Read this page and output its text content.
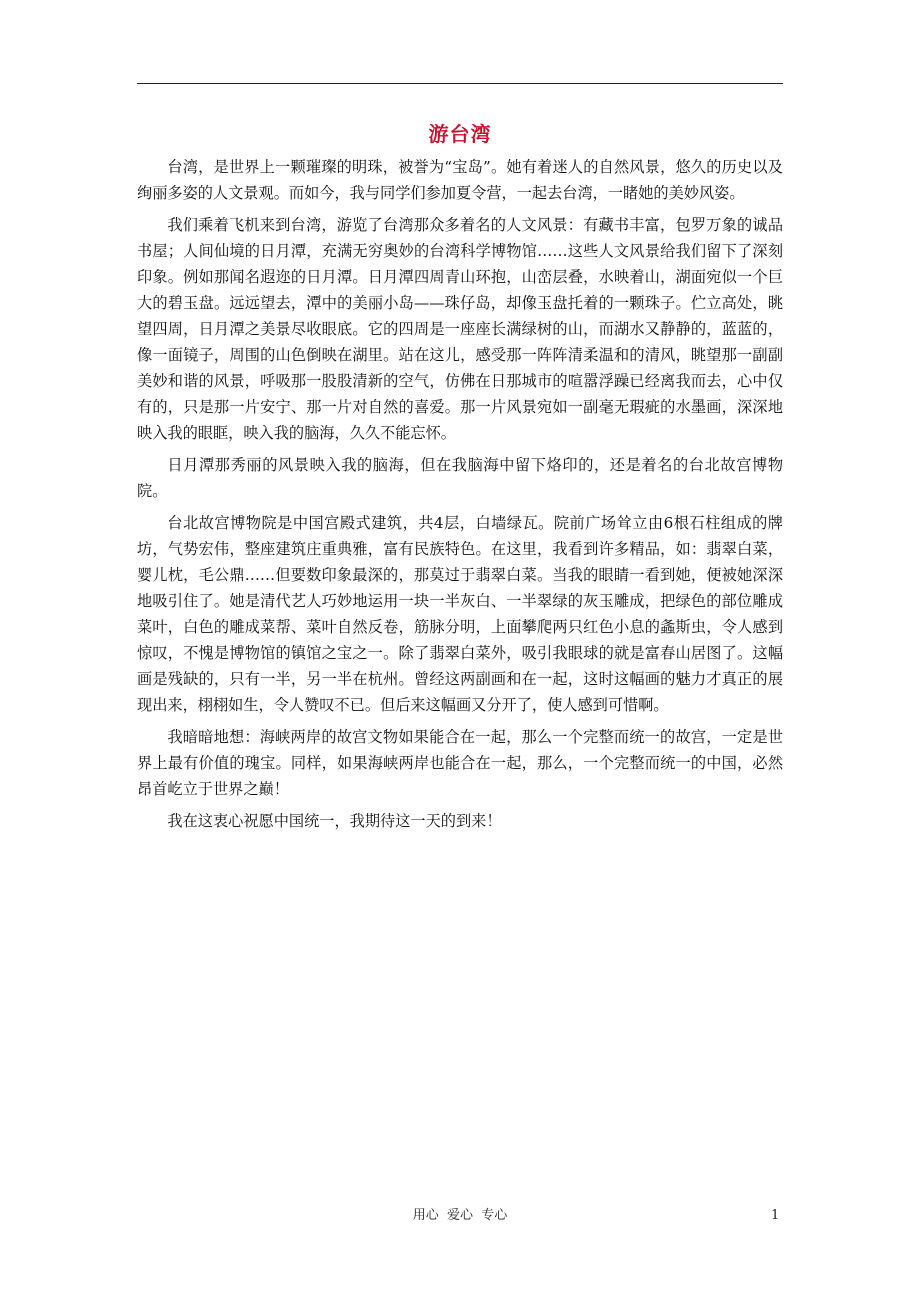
游台湾

台湾，是世界上一颗璀璨的明珠，被誉为“宝岛”。她有着迷人的自然风景，悠久的历史以及绚丽多姿的人文景观。而如今，我与同学们参加夏令营，一起去台湾，一睹她的美妙风姿。

我们乘着飞机来到台湾，游览了台湾那众多着名的人文风景：有藏书丰富，包罗万象的诚品书屋；人间仙境的日月潭，充满无穷奥妙的台湾科学博物馆……这些人文风景给我们留下了深刻印象。例如那闻名遐迩的日月潭。日月潭四周青山环抱，山峦层叠，水映着山，湖面宛似一个巨大的碧玉盘。远远望去，潭中的美丽小岛——珠仔岛，却像玉盘托着的一颗珠子。伫立高处，眺望四周，日月潭之美景尽收眼底。它的四周是一座座长满绿树的山，而湖水又静静的，蓝蓝的，像一面镜子，周围的山色倒映在湖里。站在这儿，感受那一阵阵清柔温和的清风，眺望那一副副美妙和谐的风景，呼吸那一股股清新的空气，仿佛在日那城市的喧嚣浮躁已经离我而去，心中仅有的，只是那一片安宁、那一片对自然的喜爱。那一片风景宛如一副毫无瑕疵的水墨画，深深地映入我的眼眶，映入我的脑海，久久不能忘怀。

日月潭那秀丽的风景映入我的脑海，但在我脑海中留下烙印的，还是着名的台北故宫博物院。

台北故宫博物院是中国宫殿式建筑，共4层，白墙绿瓦。院前广场耸立由6根石柱组成的牌坊，气势宏伟，整座建筑庄重典雅，富有民族特色。在这里，我看到许多精品，如：翡翠白菜，婴儿枕，毛公鼎……但要数印象最深的，那莫过于翡翠白菜。当我的眼睛一看到她，便被她深深地吸引住了。她是清代艺人巧妙地运用一块一半灰白、一半翠绿的灰玉雕成，把绿色的部位雕成菜叶，白色的雕成菜帮、菜叶自然反卷，筋脉分明，上面攀爬两只红色小息的螽斯虫，令人感到惊叹，不愧是博物馆的镇馆之宝之一。除了翡翠白菜外，吸引我眼球的就是富春山居图了。这幅画是残缺的，只有一半，另一半在杭州。曾经这两副画和在一起，这时这幅画的魅力才真正的展现出来，栩栩如生，令人赞叹不已。但后来这幅画又分开了，使人感到可惜啊。

我暗暗地想：海峡两岸的故宫文物如果能合在一起，那么一个完整而统一的故宫，一定是世界上最有价值的瑰宝。同样，如果海峡两岸也能合在一起，那么，一个完整而统一的中国，必然昂首屹立于世界之巅！

我在这衷心祝愿中国统一，我期待这一天的到来！

用心  爱心  专心	1
